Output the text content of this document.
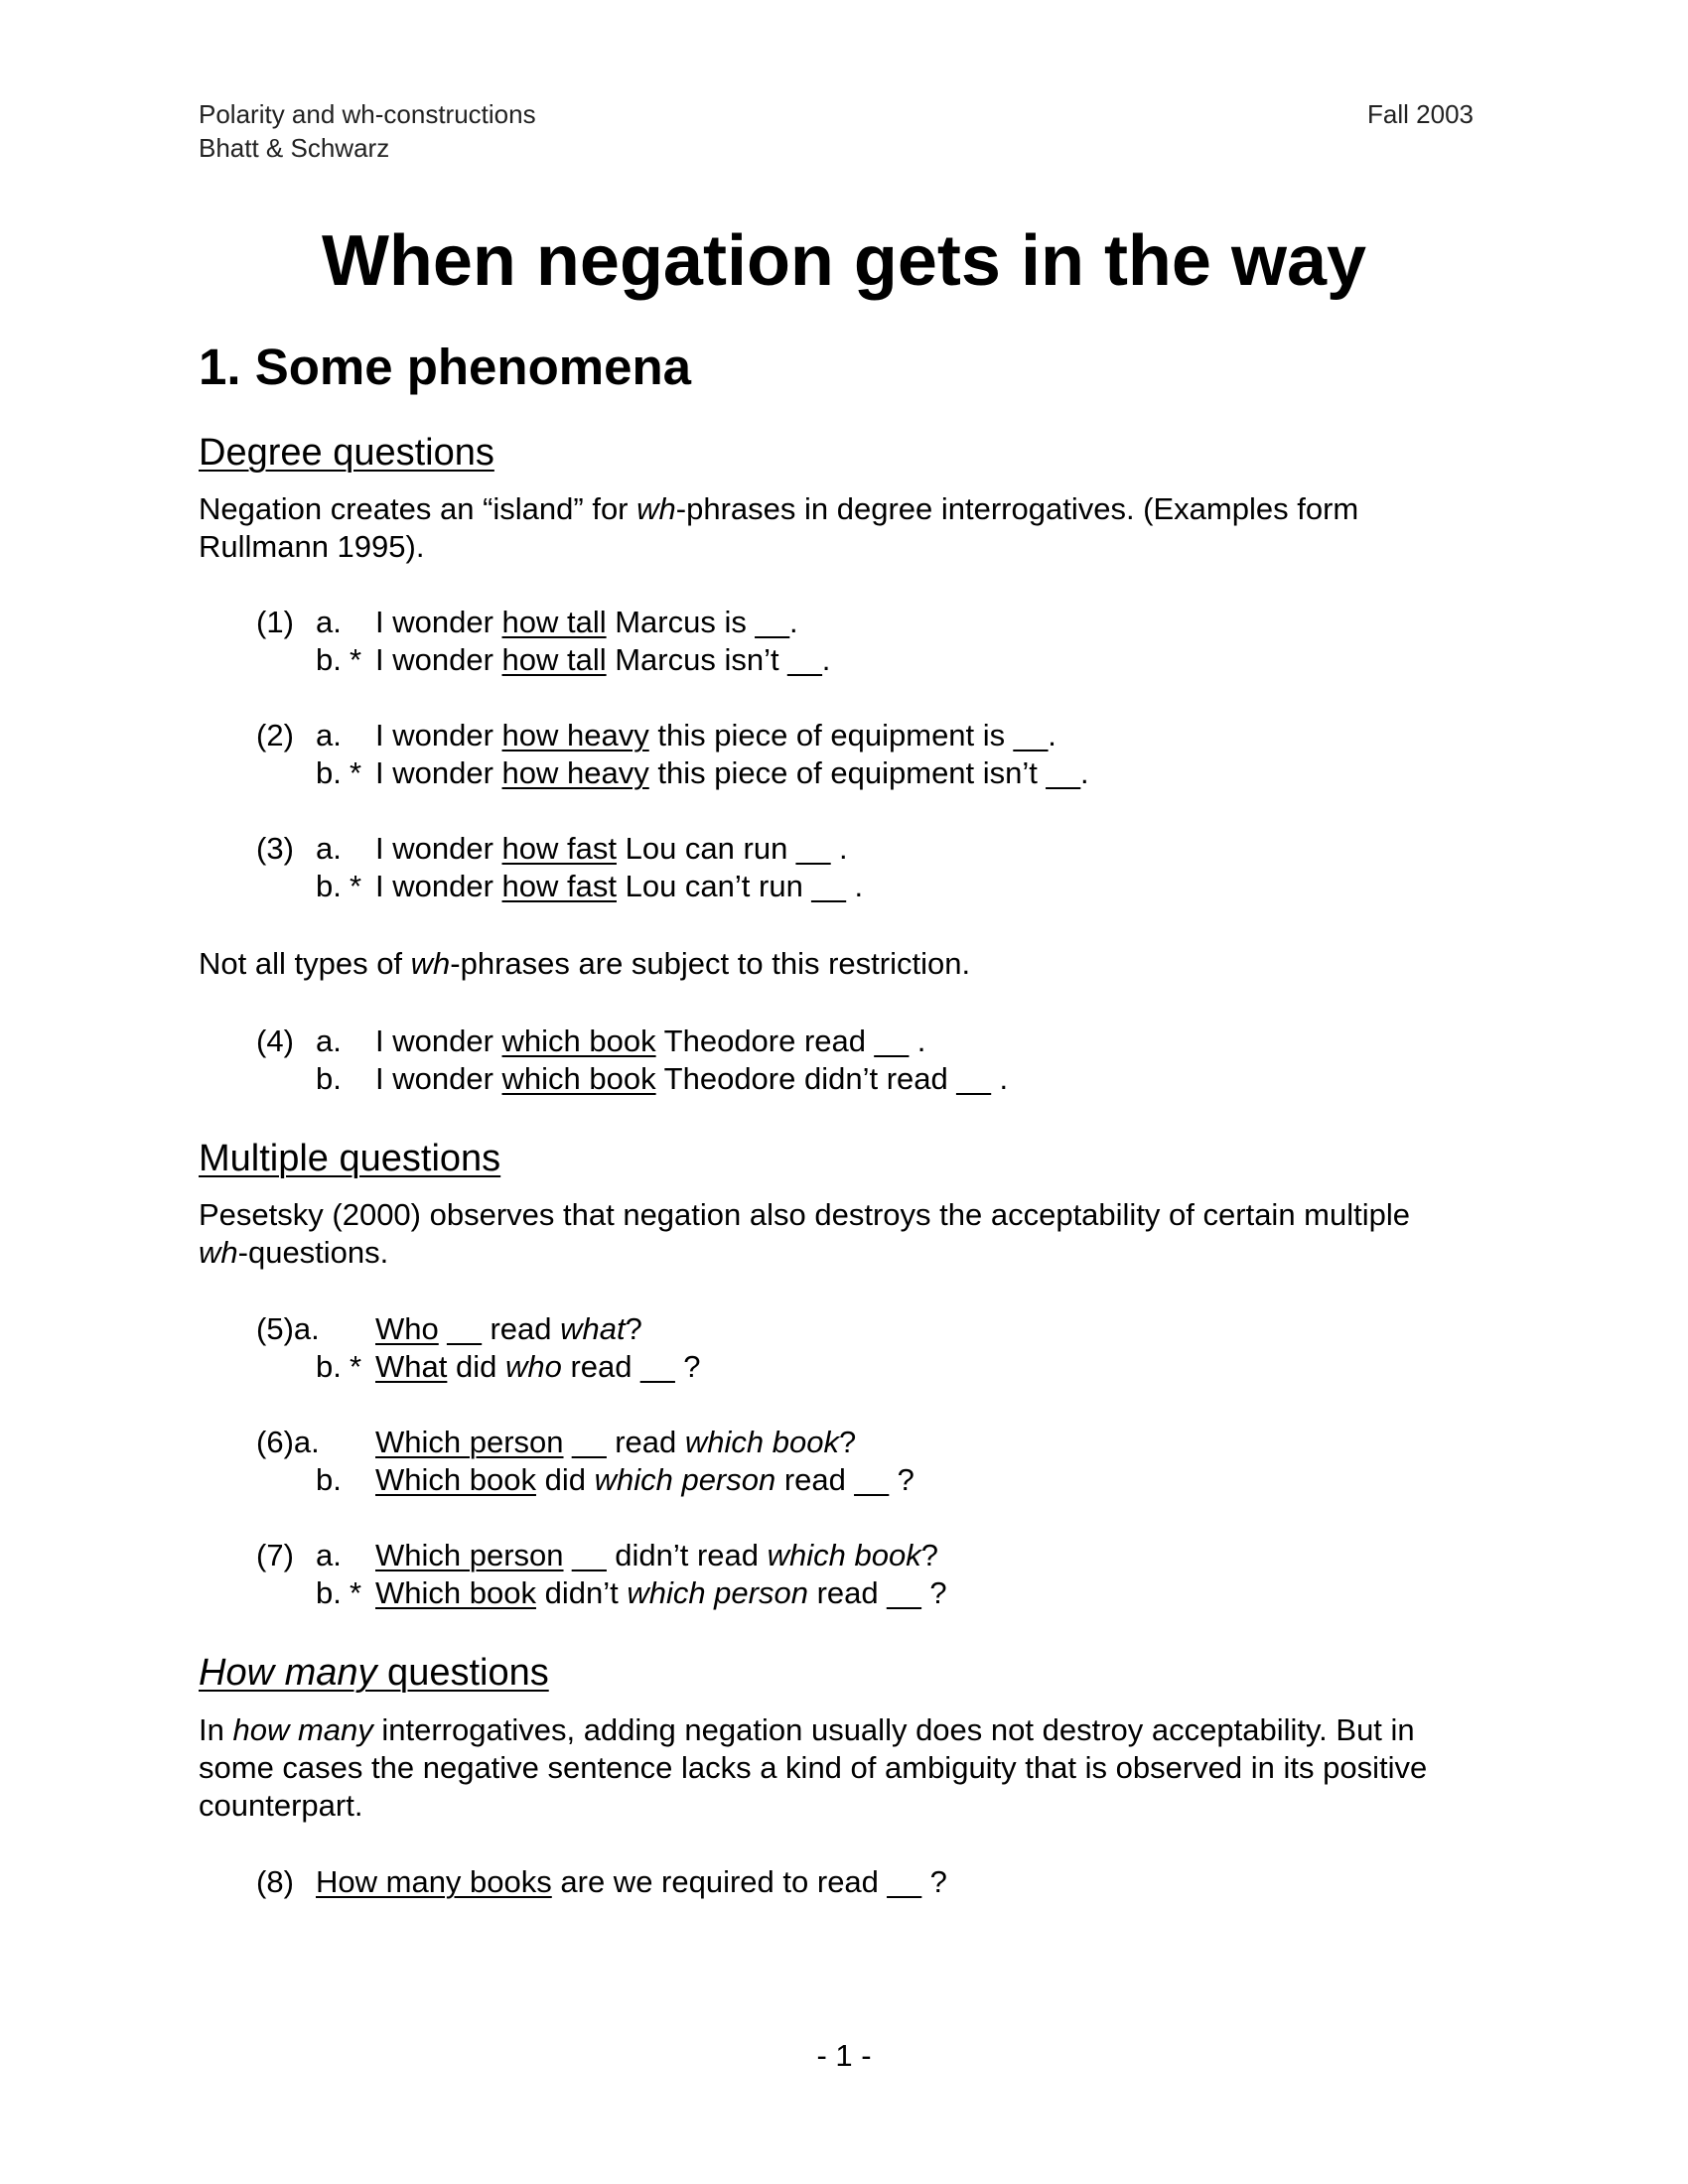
Polarity and wh-constructions
Bhatt & Schwarz
Fall 2003
When negation gets in the way
1. Some phenomena
Degree questions

Negation creates an “island” for wh-phrases in degree interrogatives. (Examples form Rullmann 1995).

(1) a. I wonder how tall Marcus is __.
b. * I wonder how tall Marcus isn’t __.
(2) a. I wonder how heavy this piece of equipment is __.
b. * I wonder how heavy this piece of equipment isn’t __.
(3) a. I wonder how fast Lou can run __ .
b. * I wonder how fast Lou can’t run __ .

Not all types of wh-phrases are subject to this restriction.

(4) a. I wonder which book Theodore read __ .
b. I wonder which book Theodore didn’t read __ .
Multiple questions

Pesetsky (2000) observes that negation also destroys the acceptability of certain multiple wh-questions.

(5)a. Who __ read what?
b. * What did who read __ ?
(6)a. Which person __ read which book?
b. Which book did which person read __ ?
(7) a. Which person __ didn’t read which book?
b. * Which book didn’t which person read __ ?
How many questions

In how many interrogatives, adding negation usually does not destroy acceptability. But in some cases the negative sentence lacks a kind of ambiguity that is observed in its positive counterpart.

(8) How many books are we required to read __ ?
- 1 -
